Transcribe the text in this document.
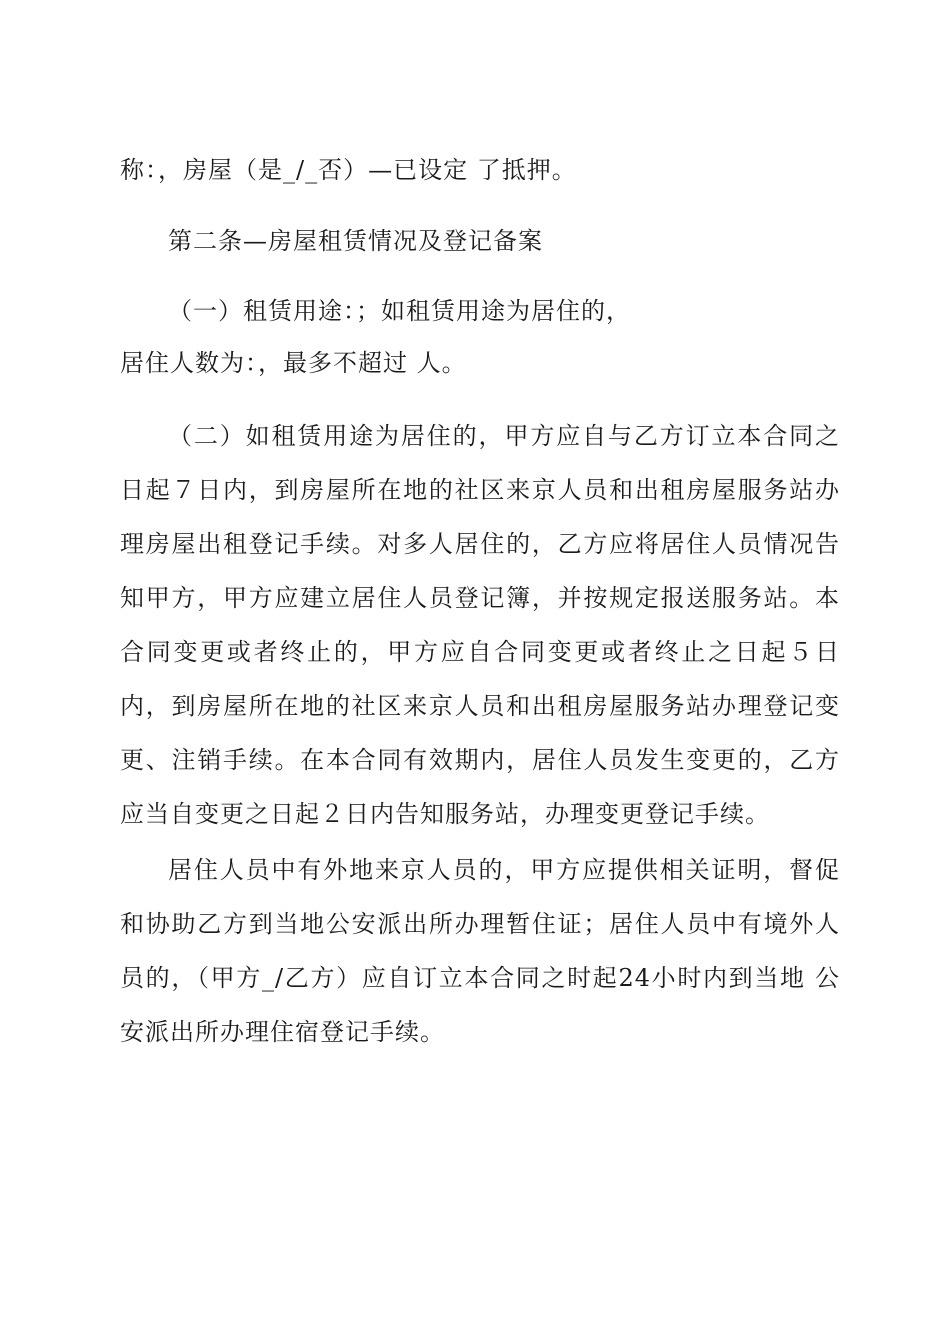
称：，房屋（是_/_否）—已设定 了抵押。
第二条—房屋租赁情况及登记备案
（一）租赁用途：；如租赁用途为居住的，
居住人数为：，最多不超过 人。
（二）如租赁用途为居住的，甲方应自与乙方订立本合同之日起７日内，到房屋所在地的社区来京人员和出租房屋服务站办理房屋出租登记手续。对多人居住的，乙方应将居住人员情况告知甲方，甲方应建立居住人员登记簿，并按规定报送服务站。本合同变更或者终止的，甲方应自合同变更或者终止之日起５日内，到房屋所在地的社区来京人员和出租房屋服务站办理登记变更、注销手续。在本合同有效期内，居住人员发生变更的，乙方应当自变更之日起２日内告知服务站，办理变更登记手续。
居住人员中有外地来京人员的，甲方应提供相关证明，督促和协助乙方到当地公安派出所办理暂住证；居住人员中有境外人员的，（甲方_/乙方）应自订立本合同之时起24小时内到当地 公安派出所办理住宿登记手续。
